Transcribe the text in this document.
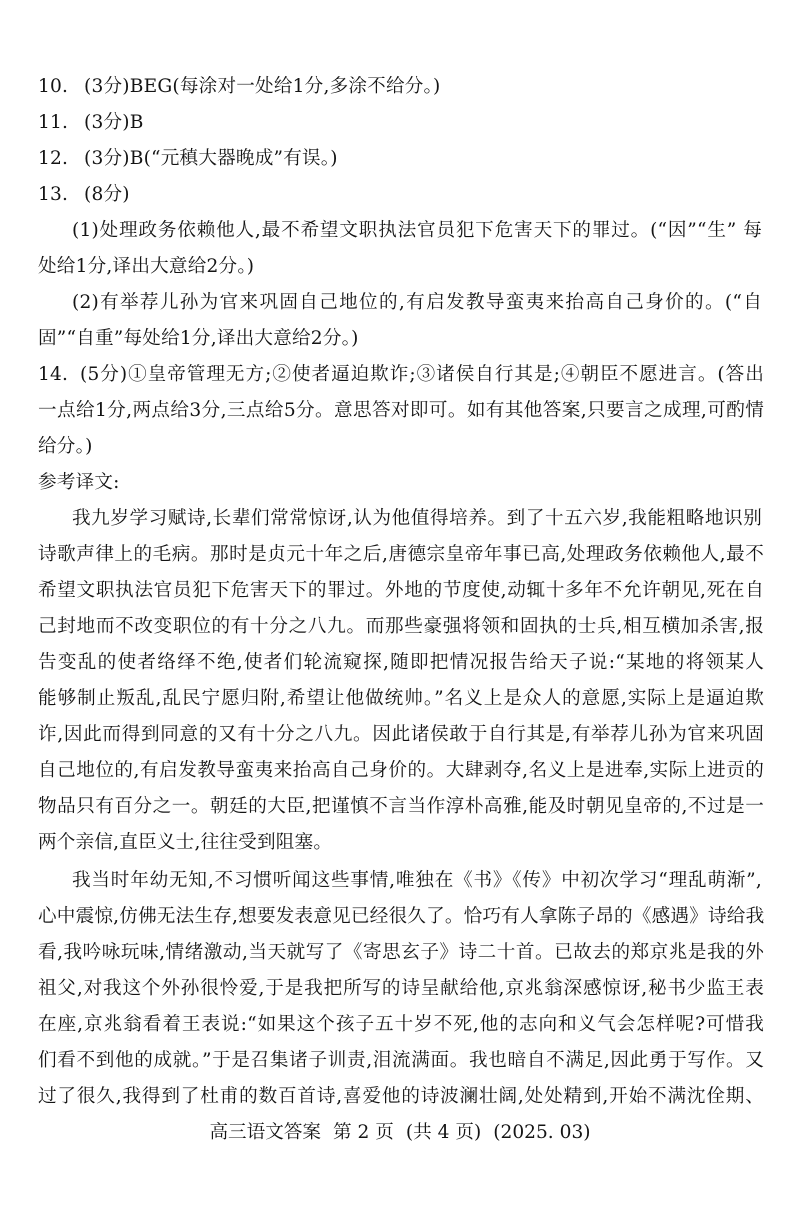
10. (3分)BEG(每涂对一处给1分,多涂不给分。)
11. (3分)B
12. (3分)B(“元稹大器晚成”有误。)
13. (8分)
(1)处理政务依赖他人,最不希望文职执法官员犯下危害天下的罪过。(“因”“生” 每
处给1分,译出大意给2分。)
(2)有举荐儿孙为官来巩固自己地位的,有启发教导蛮夷来抬高自己身价的。(“自
固”“自重”每处给1分,译出大意给2分。)
14. (5分)①皇帝管理无方;②使者逼迫欺诈;③诸侯自行其是;④朝臣不愿进言。(答出
一点给1分,两点给3分,三点给5分。意思答对即可。如有其他答案,只要言之成理,可酌情
给分。)
参考译文:
我九岁学习赋诗,长辈们常常惊讶,认为他值得培养。到了十五六岁,我能粗略地识别
诗歌声律上的毛病。那时是贞元十年之后,唐德宗皇帝年事已高,处理政务依赖他人,最不
希望文职执法官员犯下危害天下的罪过。外地的节度使,动辄十多年不允许朝见,死在自
己封地而不改变职位的有十分之八九。而那些豪强将领和固执的士兵,相互横加杀害,报
告变乱的使者络绎不绝,使者们轮流窥探,随即把情况报告给天子说:“某地的将领某人
能够制止叛乱,乱民宁愿归附,希望让他做统帅。”名义上是众人的意愿,实际上是逼迫欺
诈,因此而得到同意的又有十分之八九。因此诸侯敢于自行其是,有举荐儿孙为官来巩固
自己地位的,有启发教导蛮夷来抬高自己身价的。大肆剥夺,名义上是进奉,实际上进贡的
物品只有百分之一。朝廷的大臣,把谨慎不言当作淳朴高雅,能及时朝见皇帝的,不过是一
两个亲信,直臣义士,往往受到阻塞。
我当时年幼无知,不习惯听闻这些事情,唯独在《书》《传》中初次学习“理乱萌渐”,
心中震惊,仿佛无法生存,想要发表意见已经很久了。恰巧有人拿陈子昂的《感遇》诗给我
看,我吟咏玩味,情绪激动,当天就写了《寄思玄子》诗二十首。已故去的郑京兆是我的外
祖父,对我这个外孙很怜爱,于是我把所写的诗呈献给他,京兆翁深感惊讶,秘书少监王表
在座,京兆翁看着王表说:“如果这个孩子五十岁不死,他的志向和义气会怎样呢?可惜我
们看不到他的成就。”于是召集诸子训责,泪流满面。我也暗自不满足,因此勇于写作。又
过了很久,我得到了杜甫的数百首诗,喜爱他的诗波澜壮阔,处处精到,开始不满沈佺期、
高三语文答案 第 2 页 (共 4 页) (2025. 03)
